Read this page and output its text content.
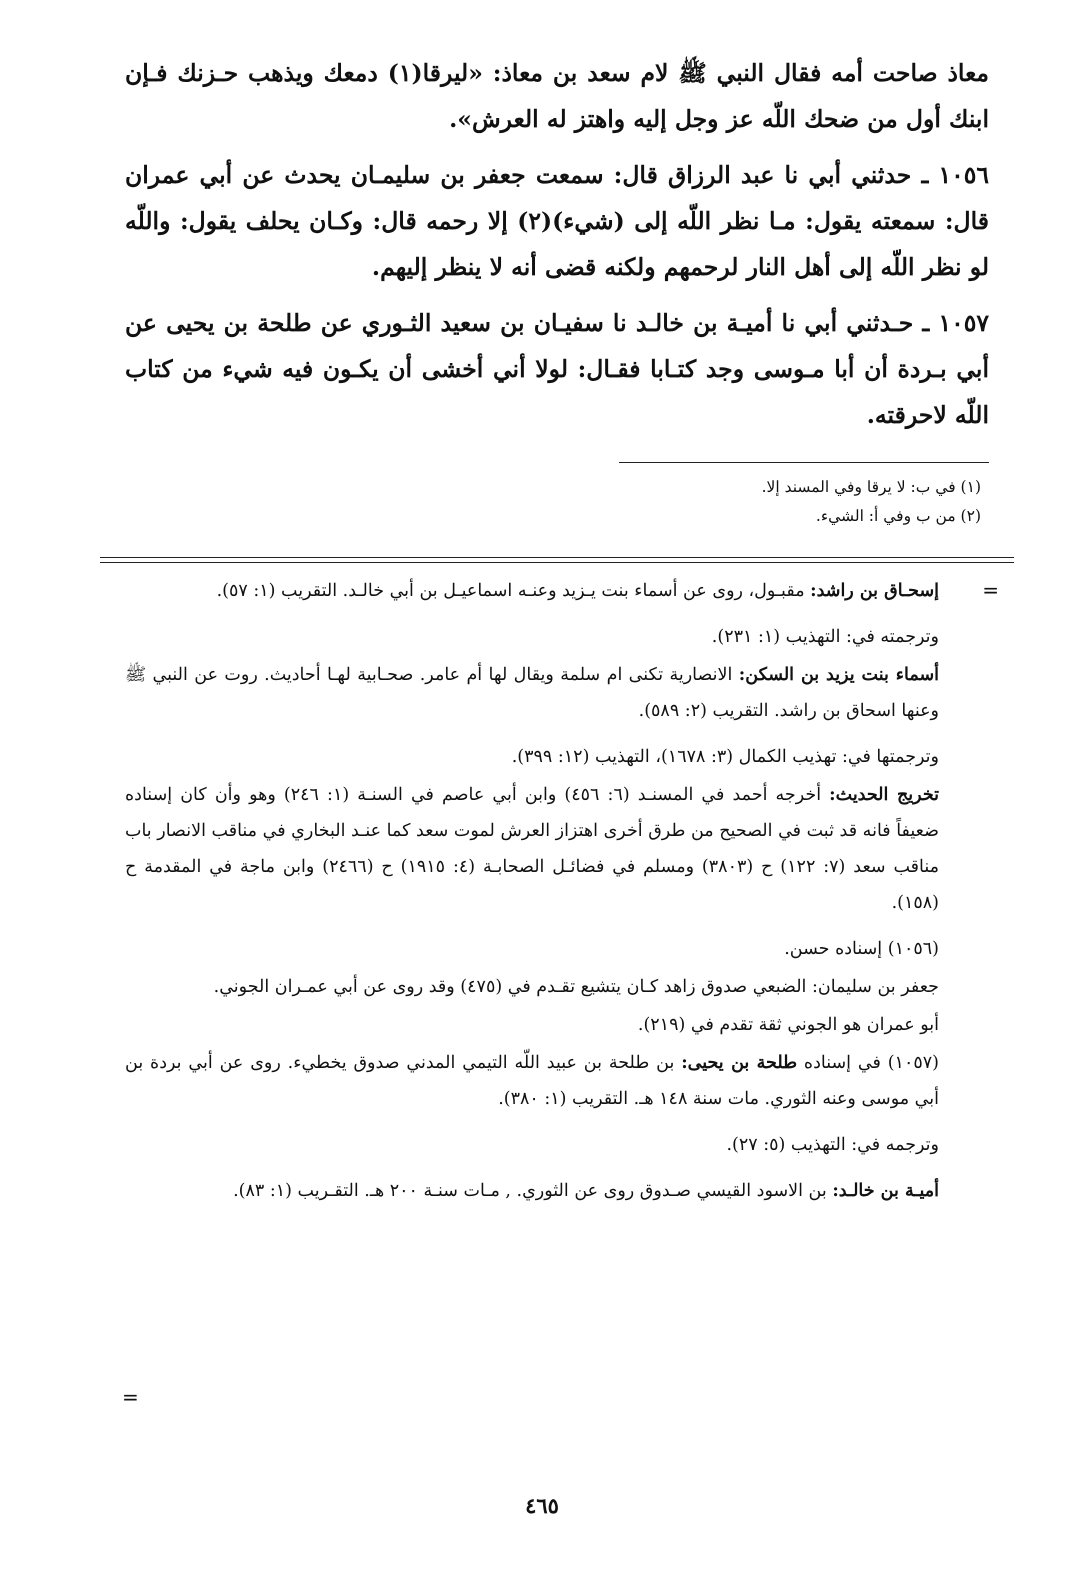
معاذ صاحت أمه فقال النبي ﷺ لام سعد بن معاذ: «ليرقا(١) دمعك ويذهب حـزنك فـإن ابنك أول من ضحك اللّه عز وجل إليه واهتز له العرش».

١٠٥٦ ـ حدثني أبي نا عبد الرزاق قال: سمعت جعفر بن سليمـان يحدث عن أبي عمران قال: سمعته يقول: مـا نظر اللّه إلى (شيء)(٢) إلا رحمه قال: وكـان يحلف يقول: واللّه لو نظر اللّه إلى أهل النار لرحمهم ولكنه قضى أنه لا ينظر إليهم.

١٠٥٧ ـ حـدثني أبي نا أميـة بن خالـد نا سفيـان بن سعيد الثـوري عن طلحة بن يحيى عن أبي بـردة أن أبا مـوسى وجد كتـابا فقـال: لولا أني أخشى أن يكـون فيه شيء من كتاب اللّه لاحرقته.

(١) في ب: لا يرقا وفي المسند إلا.

(٢) من ب وفي أ: الشيء.

إسحـاق بن راشد: مقبـول، روى عن أسماء بنت يـزيد وعنـه اسماعيـل بن أبي خالـد. التقريب (١: ٥٧).

وترجمته في: التهذيب (١: ٢٣١).

أسماء بنت يزيد بن السكن: الانصارية تكنى ام سلمة ويقال لها أم عامر. صحـابية لهـا أحاديث. روت عن النبي ﷺ وعنها اسحاق بن راشد. التقريب (٢: ٥٨٩).

وترجمتها في: تهذيب الكمال (٣: ١٦٧٨)، التهذيب (١٢: ٣٩٩).

تخريج الحديث: أخرجه أحمد في المسنـد (٦: ٤٥٦) وابن أبي عاصم في السنـة (١: ٢٤٦) وهو وأن كان إسناده ضعيفاً فانه قد ثبت في الصحيح من طرق أخرى اهتزاز العرش لموت سعد كما عنـد البخاري في مناقب الانصار باب مناقب سعد (٧: ١٢٢) ح (٣٨٠٣) ومسلم في فضائـل الصحابـة (٤: ١٩١٥) ح (٢٤٦٦) وابن ماجة في المقدمة ح (١٥٨).

(١٠٥٦) إسناده حسن.

جعفر بن سليمان: الضبعي صدوق زاهد كـان يتشيع تقـدم في (٤٧٥) وقد روى عن أبي عمـران الجوني.

أبو عمران هو الجوني ثقة تقدم في (٢١٩).

(١٠٥٧) في إسناده طلحة بن يحيى: بن طلحة بن عبيد اللّه التيمي المدني صدوق يخطيء. روى عن أبي بردة بن أبي موسى وعنه الثوري. مات سنة ١٤٨ هـ. التقريب (١: ٣٨٠).

وترجمه في: التهذيب (٥: ٢٧).

أميـة بن خالـد: بن الاسود القيسي صـدوق روى عن الثوري. , مـات سنـة ٢٠٠ هـ. التقـريب (١: ٨٣).

=
=
٤٦٥
